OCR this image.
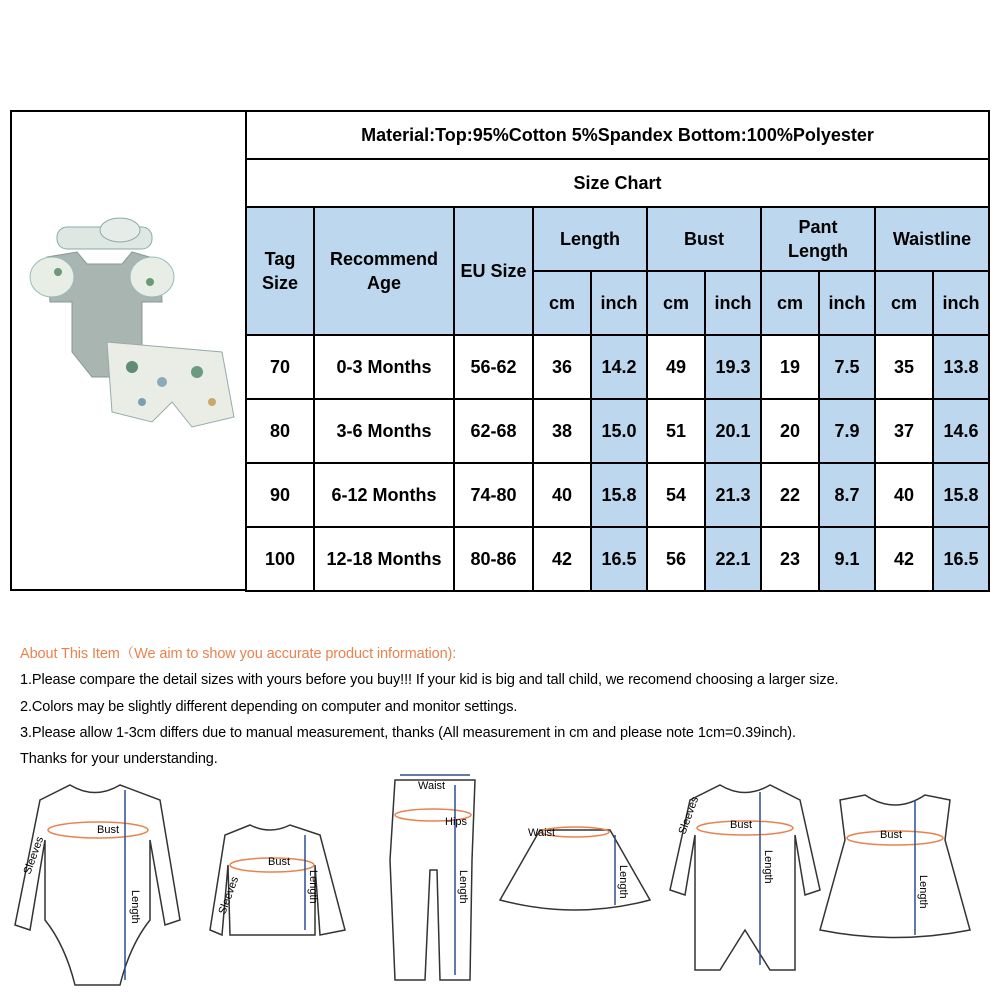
Material:Top:95%Cotton 5%Spandex Bottom:100%Polyester										
Size Chart										
Tag Size	Recommend Age	EU Size	Length		Bust		Pant Length		Waistline	
			cm	inch	cm	inch	cm	inch	cm	inch
70	0-3 Months	56-62	36	14.2	49	19.3	19	7.5	35	13.8
80	3-6 Months	62-68	38	15.0	51	20.1	20	7.9	37	14.6
90	6-12 Months	74-80	40	15.8	54	21.3	22	8.7	40	15.8
100	12-18 Months	80-86	42	16.5	56	22.1	23	9.1	42	16.5
About This Item（We aim to show you accurate product information):
1.Please compare the detail sizes with yours before you buy!!! If your kid is big and tall child, we recomend choosing a larger size.
2.Colors may be slightly different depending on computer and monitor settings.
3.Please allow 1-3cm differs due to manual measurement, thanks (All measurement in cm and please note 1cm=0.39inch).
Thanks for your understanding.
Sleeves
Bust
Length	Sleeves
Bust
Length
Waist
Hips
Length
Waist
Length
Sleeves	Bust
Length
Bust
Length
